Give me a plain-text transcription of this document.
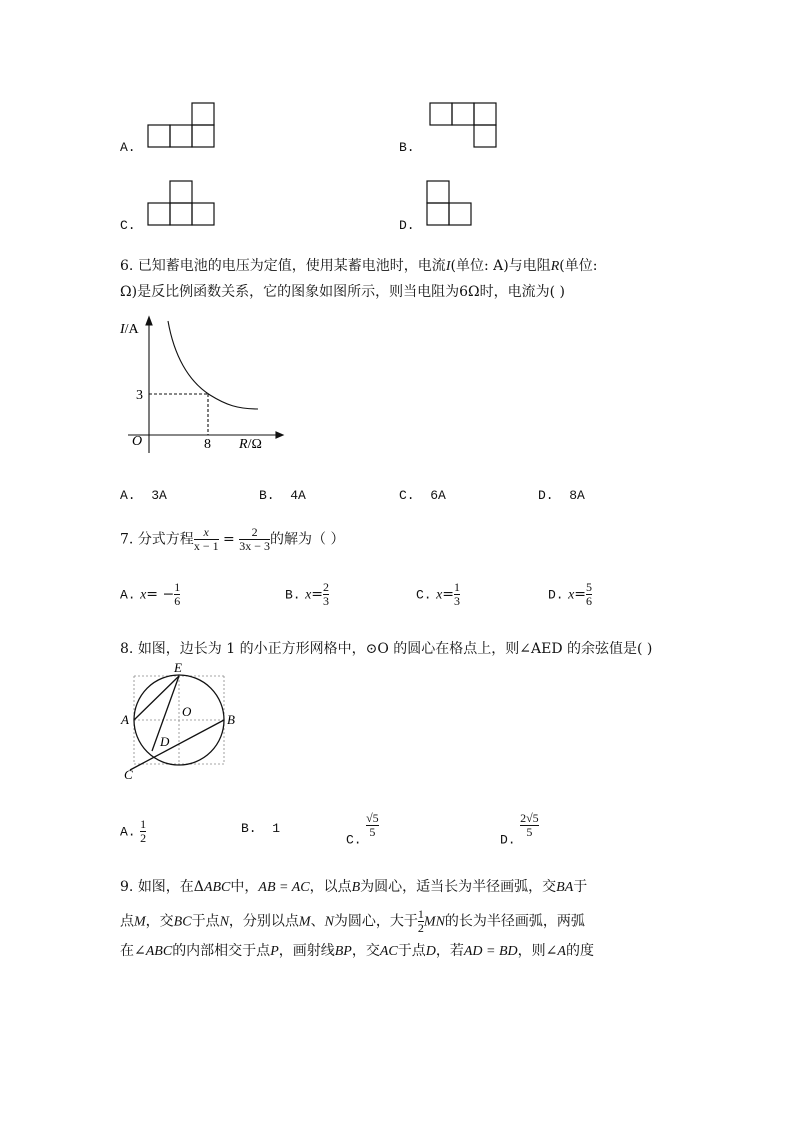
A.	B.
C.	D.
6. 已知蓄电池的电压为定值，使用某蓄电池时，电流I(单位: A)与电阻R(单位:
Ω)是反比例函数关系，它的图象如图所示，则当电阻为6Ω时，电流为( )
I/A
3
O	8 R/Ω
A. 3A	B. 4A	C. 6A	D. 8A
7. 分式方程 $\frac{x}{x - 1} = \frac{2}{3x - 3}$ 的解为（ ）
A. $x= - \frac{1}{6}$	B. $x= \frac{2}{3}$	C. $x= \frac{1}{3}$	D. $x= \frac{5}{6}$
8. 如图，边长为 1 的小正方形网格中，⊙O 的圆心在格点上，则∠AED 的余弦值是( )
E
A
O
B
D
C
A. $\frac{1}{2}$	B. 1
C.
$\frac{√5}{5}$
D.
$\frac{2√5}{5}$
9. 如图，在ΔABC中，AB = AC，以点B为圆心，适当长为半径画弧，交BA于
点M，交BC于点N，分别以点M、N为圆心，大于 $\frac{1}{2}$ MN的长为半径画弧，两弧
在∠ABC的内部相交于点P，画射线BP，交AC于点D，若AD = BD，则∠A的度
